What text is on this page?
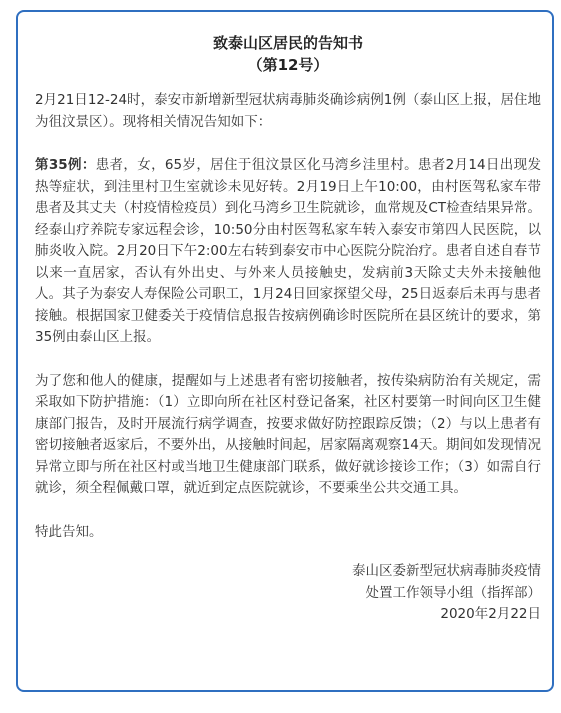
致泰山区居民的告知书
（第12号）

2月21日12-24时，泰安市新增新型冠状病毒肺炎确诊病例1例（泰山区上报，居住地为徂汶景区）。现将相关情况告知如下：

第35例：患者，女，65岁，居住于徂汶景区化马湾乡洼里村。患者2月14日出现发热等症状，到洼里村卫生室就诊未见好转。2月19日上午10:00，由村医驾私家车带患者及其丈夫（村疫情检疫员）到化马湾乡卫生院就诊，血常规及CT检查结果异常。经泰山疗养院专家远程会诊，10:50分由村医驾私家车转入泰安市第四人民医院，以肺炎收入院。2月20日下午2:00左右转到泰安市中心医院分院治疗。患者自述自春节以来一直居家，否认有外出史、与外来人员接触史，发病前3天除丈夫外未接触他人。其子为泰安人寿保险公司职工，1月24日回家探望父母，25日返泰后未再与患者接触。根据国家卫健委关于疫情信息报告按病例确诊时医院所在县区统计的要求，第35例由泰山区上报。

为了您和他人的健康，提醒如与上述患者有密切接触者，按传染病防治有关规定，需采取如下防护措施：（1）立即向所在社区村登记备案，社区村要第一时间向区卫生健康部门报告，及时开展流行病学调查，按要求做好防控跟踪反馈；（2）与以上患者有密切接触者返家后，不要外出，从接触时间起，居家隔离观察14天。期间如发现情况异常立即与所在社区村或当地卫生健康部门联系，做好就诊接诊工作；（3）如需自行就诊，须全程佩戴口罩，就近到定点医院就诊，不要乘坐公共交通工具。

特此告知。

泰山区委新型冠状病毒肺炎疫情
处置工作领导小组（指挥部）
2020年2月22日
